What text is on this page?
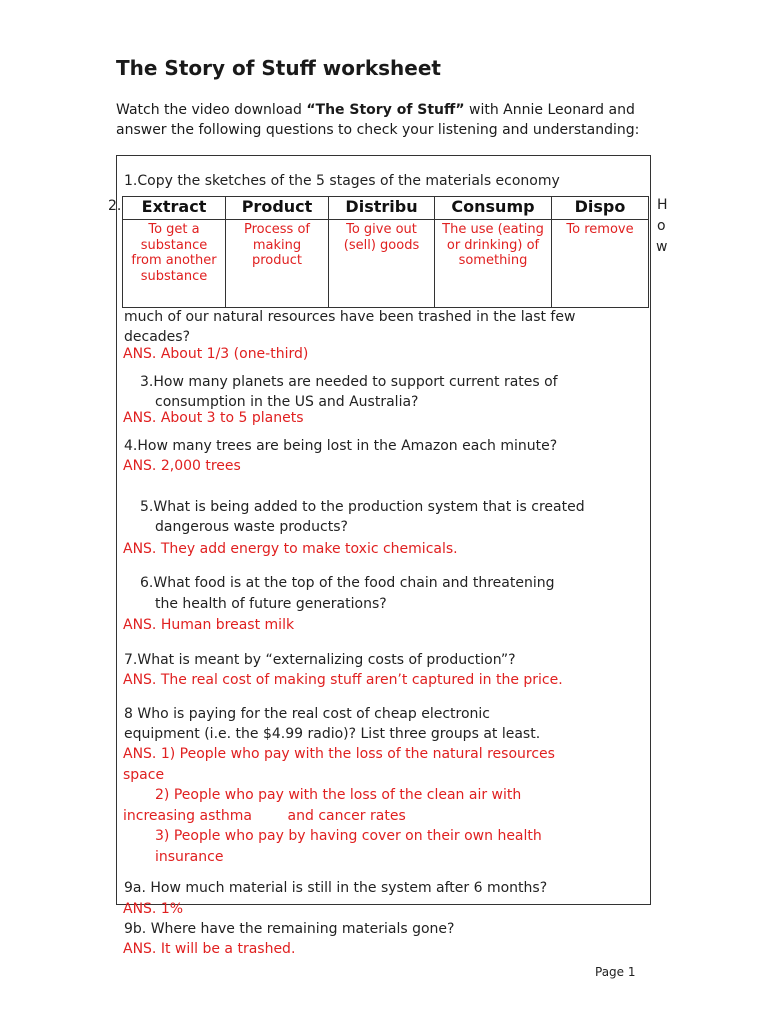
The Story of Stuff worksheet
Watch the video download “The Story of Stuff” with Annie Leonard and answer the following questions to check your listening and understanding:
1.Copy the sketches of the 5 stages of the materials economy
2.	H
o
w
Extract	Product	Distribu	Consump	Dispo
To get a substance from another substance	Process of making product	To give out (sell) goods	The use (eating or drinking) of something	To remove
much of our natural resources have been trashed in the last few
decades?
ANS. About 1/3 (one-third)
3.How many planets are needed to support current rates of
consumption in the US and Australia?
ANS. About 3 to 5 planets
4.How many trees are being lost in the Amazon each minute?
ANS. 2,000 trees
5.What is being added to the production system that is created
dangerous waste products?
ANS. They add energy to make toxic chemicals.
6.What food is at the top of the food chain and threatening
the health of future generations?
ANS. Human breast milk
7.What is meant by “externalizing costs of production”?
ANS. The real cost of making stuff aren’t captured in the price.
8 Who is paying for the real cost of cheap electronic
equipment (i.e. the $4.99 radio)? List three groups at least.
ANS. 1) People who pay with the loss of the natural resources
space
2) People who pay with the loss of the clean air with
increasing asthma        and cancer rates
3) People who pay by having cover on their own health
insurance
9a. How much material is still in the system after 6 months?
ANS. 1%
9b. Where have the remaining materials gone?
ANS. It will be a trashed.
Page 1
